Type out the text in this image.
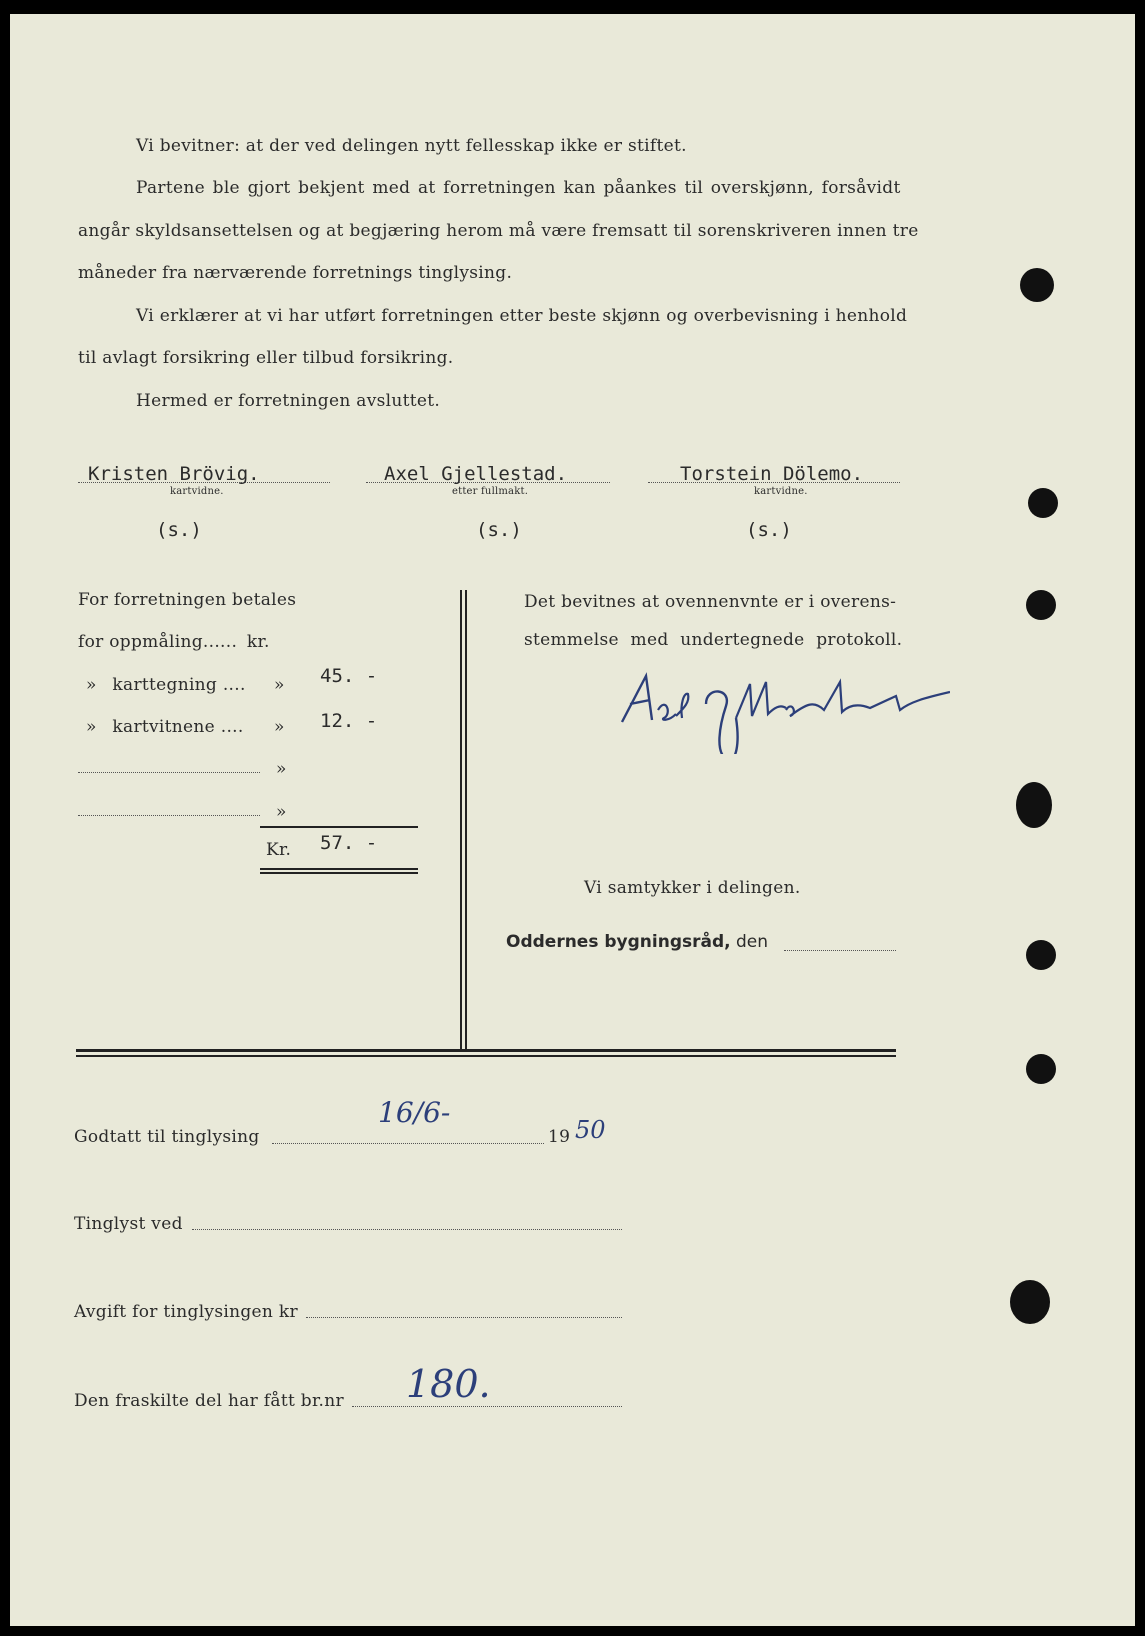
Vi bevitner: at der ved delingen nytt fellesskap ikke er stiftet.
Partene ble gjort bekjent med at forretningen kan påankes til overskjønn, forsåvidt
angår skyldsansettelsen og at begjæring herom må være fremsatt til sorenskriveren innen tre
måneder fra nærværende forretnings tinglysing.
Vi erklærer at vi har utført forretningen etter beste skjønn og overbevisning i henhold
til avlagt forsikring eller tilbud forsikring.
Hermed er forretningen avsluttet.
Kristen Brövig.
kartvidne.
(s.)
Axel Gjellestad.
etter fullmakt.
(s.)
Torstein Dölemo.
kartvidne.
(s.)
For forretningen betales
for oppmåling...... kr.
» karttegning .... » 45. -
» kartvitnene .... » 12. -
»
»
Kr. 57. -
Det bevitnes at ovennenvnte er i overens-
stemmelse med undertegnede protokoll.
Axel Gjellestad
Vi samtykker i delingen.
Oddernes bygningsråd, den
Godtatt til tinglysing
16/6-
19 50
Tinglyst ved
Avgift for tinglysingen kr
Den fraskilte del har fått br.nr 180.
